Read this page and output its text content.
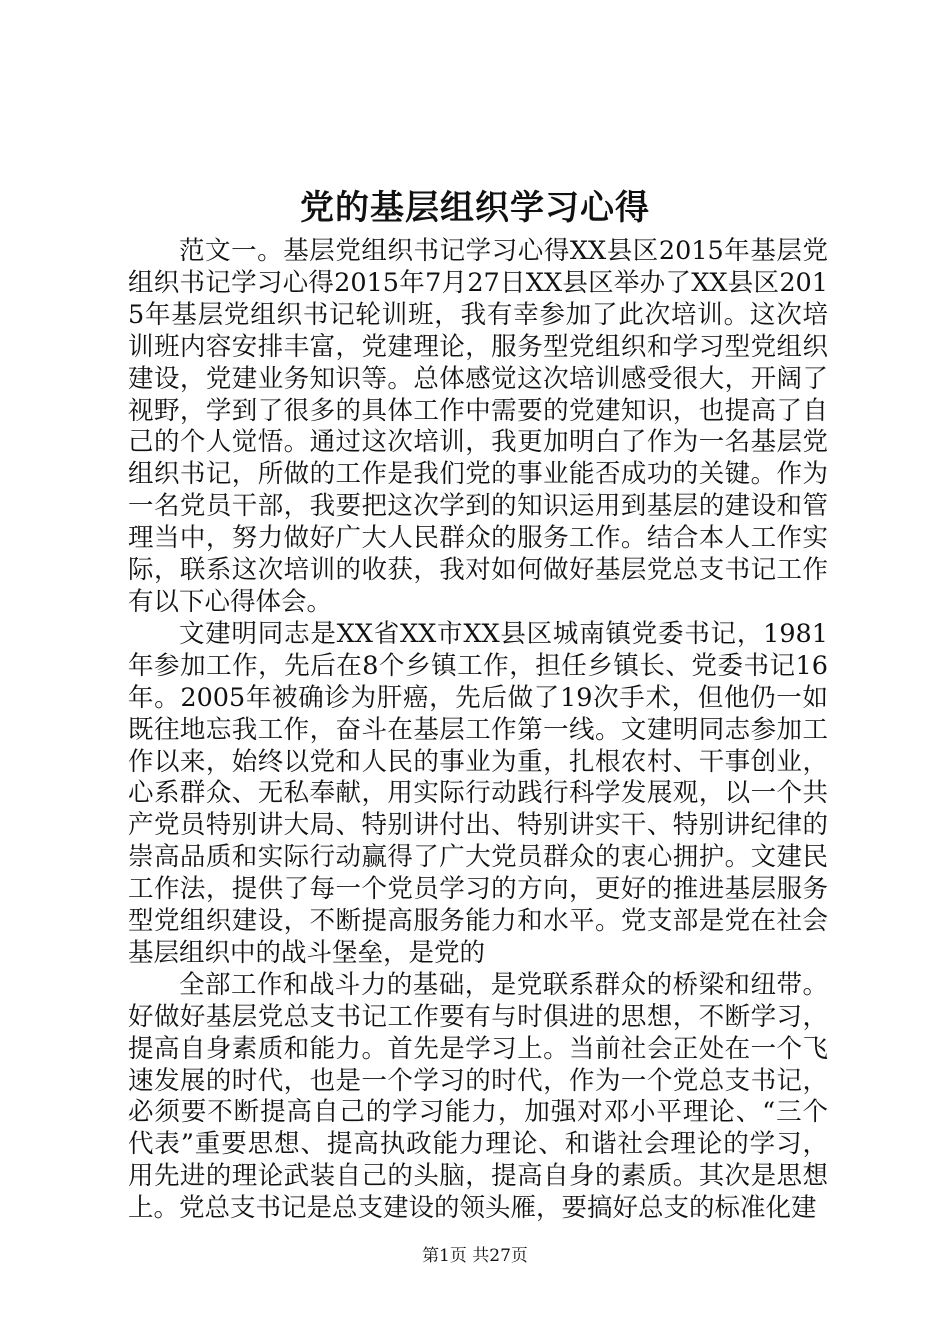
党的基层组织学习心得

范文一。基层党组织书记学习心得XX县区2015年基层党组织书记学习心得2015年7月27日XX县区举办了XX县区2015年基层党组织书记轮训班，我有幸参加了此次培训。这次培训班内容安排丰富，党建理论，服务型党组织和学习型党组织建设，党建业务知识等。总体感觉这次培训感受很大，开阔了视野，学到了很多的具体工作中需要的党建知识，也提高了自己的个人觉悟。通过这次培训，我更加明白了作为一名基层党组织书记，所做的工作是我们党的事业能否成功的关键。作为一名党员干部，我要把这次学到的知识运用到基层的建设和管理当中，努力做好广大人民群众的服务工作。结合本人工作实际，联系这次培训的收获，我对如何做好基层党总支书记工作有以下心得体会。

文建明同志是XX省XX市XX县区城南镇党委书记，1981年参加工作，先后在8个乡镇工作，担任乡镇长、党委书记16年。2005年被确诊为肝癌，先后做了19次手术，但他仍一如既往地忘我工作，奋斗在基层工作第一线。文建明同志参加工作以来，始终以党和人民的事业为重，扎根农村、干事创业，心系群众、无私奉献，用实际行动践行科学发展观，以一个共产党员特别讲大局、特别讲付出、特别讲实干、特别讲纪律的崇高品质和实际行动赢得了广大党员群众的衷心拥护。文建民工作法，提供了每一个党员学习的方向，更好的推进基层服务型党组织建设，不断提高服务能力和水平。党支部是党在社会基层组织中的战斗堡垒，是党的

全部工作和战斗力的基础，是党联系群众的桥梁和纽带。好做好基层党总支书记工作要有与时俱进的思想，不断学习，提高自身素质和能力。首先是学习上。当前社会正处在一个飞速发展的时代，也是一个学习的时代，作为一个党总支书记，必须要不断提高自己的学习能力，加强对邓小平理论、“三个代表”重要思想、提高执政能力理论、和谐社会理论的学习，用先进的理论武装自己的头脑，提高自身的素质。其次是思想上。党总支书记是总支建设的领头雁，要搞好总支的标准化建

第1页 共27页
